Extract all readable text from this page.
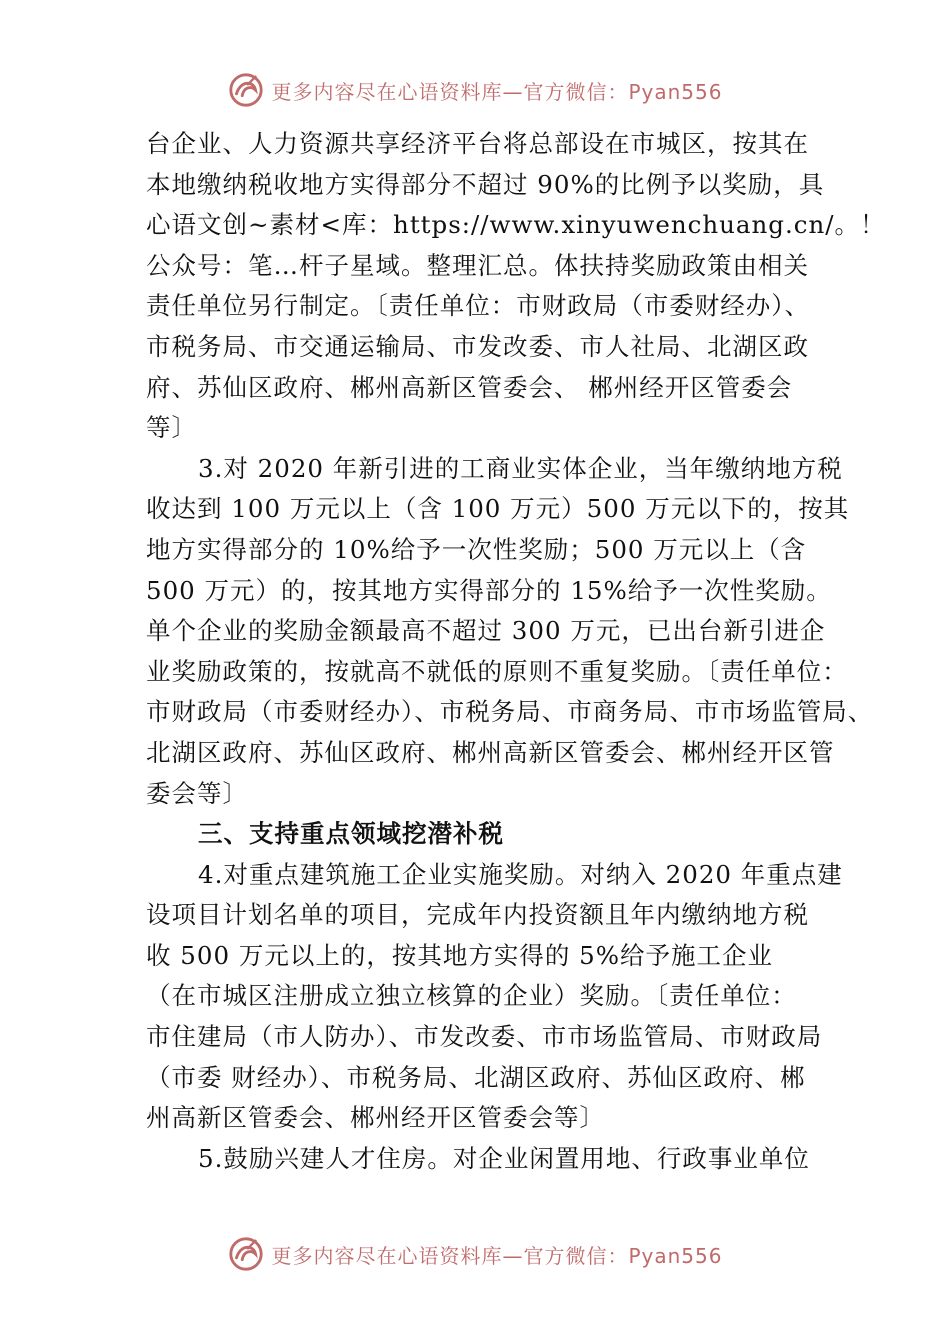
更多内容尽在心语资料库—官方微信：Pyan556
台企业、人力资源共享经济平台将总部设在市城区，按其在
本地缴纳税收地方实得部分不超过 90%的比例予以奖励，具
心语文创~素材<库：https://www.xinyuwenchuang.cn/。！
公众号：笔…杆子星域。整理汇总。体扶持奖励政策由相关
责任单位另行制定。〔责任单位：市财政局（市委财经办）、
市税务局、市交通运输局、市发改委、市人社局、北湖区政
府、苏仙区政府、郴州高新区管委会、 郴州经开区管委会
等〕
3.对 2020 年新引进的工商业实体企业，当年缴纳地方税
收达到 100 万元以上（含 100 万元）500 万元以下的，按其
地方实得部分的 10%给予一次性奖励；500 万元以上（含
500 万元）的，按其地方实得部分的 15%给予一次性奖励。
单个企业的奖励金额最高不超过 300 万元，已出台新引进企
业奖励政策的，按就高不就低的原则不重复奖励。〔责任单位：
市财政局（市委财经办）、市税务局、市商务局、市市场监管局、
北湖区政府、苏仙区政府、郴州高新区管委会、郴州经开区管
委会等〕
三、支持重点领域挖潜补税
4.对重点建筑施工企业实施奖励。对纳入 2020 年重点建
设项目计划名单的项目，完成年内投资额且年内缴纳地方税
收 500 万元以上的，按其地方实得的 5%给予施工企业
（在市城区注册成立独立核算的企业）奖励。〔责任单位：
市住建局（市人防办）、市发改委、市市场监管局、市财政局
（市委 财经办）、市税务局、北湖区政府、苏仙区政府、郴
州高新区管委会、郴州经开区管委会等〕
5.鼓励兴建人才住房。对企业闲置用地、行政事业单位
更多内容尽在心语资料库—官方微信：Pyan556
